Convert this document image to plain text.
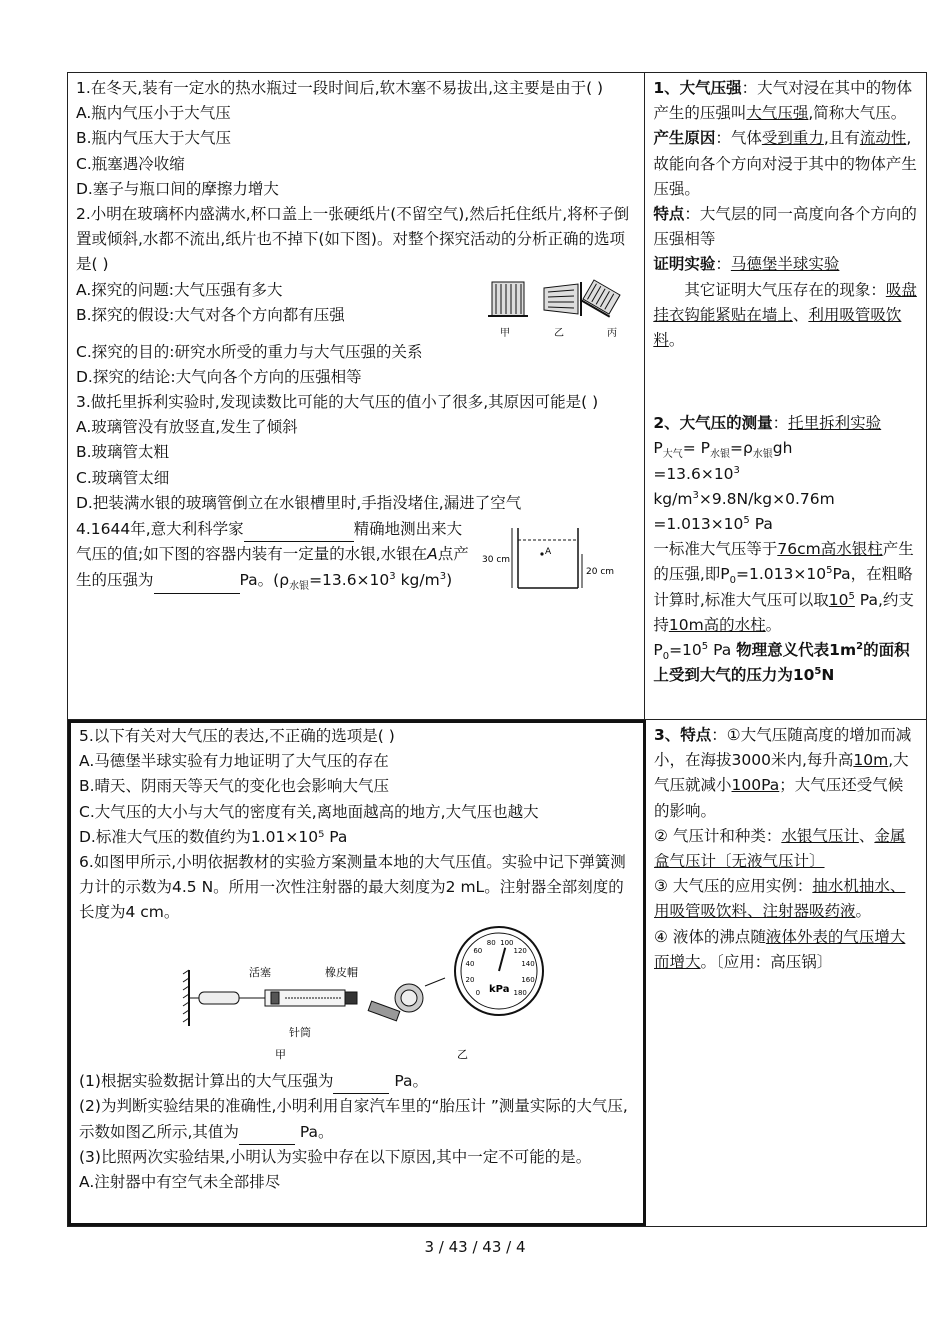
1.在冬天,装有一定水的热水瓶过一段时间后,软木塞不易拔出,这主要是由于( )

A.瓶内气压小于大气压

B.瓶内气压大于大气压

C.瓶塞遇冷收缩

D.塞子与瓶口间的摩擦力增大

2.小明在玻璃杯内盛满水,杯口盖上一张硬纸片(不留空气),然后托住纸片,将杯子倒置或倾斜,水都不流出,纸片也不掉下(如下图)。对整个探究活动的分析正确的选项是( )

A.探究的问题:大气压强有多大

B.探究的假设:大气对各个方向都有压强

甲	乙	丙

C.探究的目的:研究水所受的重力与大气压强的关系

D.探究的结论:大气向各个方向的压强相等

3.做托里拆利实验时,发现读数比可能的大气压的值小了很多,其原因可能是( )

A.玻璃管没有放竖直,发生了倾斜

B.玻璃管太粗

C.玻璃管太细

D.把装满水银的玻璃管倒立在水银槽里时,手指没堵住,漏进了空气

4.1644年,意大利科学家	精确地测出来大气压的值;如下图的容器内装有一定量的水银,水银在A点产生的压强为	Pa。($\rho_{水银}=13.6\times 10^3$ $kg/m^3$)

30 cm
20 cm
A

1、大气压强：大气对浸在其中的物体产生的压强叫大气压强,简称大气压。

产生原因：气体受到重力,且有流动性,故能向各个方向对浸于其中的物体产生压强。

特点：大气层的同一高度向各个方向的压强相等

证明实验：马德堡半球实验

其它证明大气压存在的现象：吸盘挂衣钩能紧贴在墙上、利用吸管吸饮料。

2、大气压的测量：托里拆利实验

$P_{大气}= P_{水银}=\rho_{水银}gh$

$=13.6\times 10^3$

$kg/m^3\times 9.8N/kg\times 0.76m$

$=1.013\times 10^5$ Pa

一标准大气压等于76cm高水银柱产生的压强,即$P_0=1.013\times 10^5Pa$，在粗略计算时,标准大气压可以取$10^5$ Pa,约支持10m高的水柱。

$P_0=10^5$ Pa 物理意义代表$1m^2$的面积上受到大气的压力为$10^5N$

5.以下有关对大气压的表达,不正确的选项是( )

A.马德堡半球实验有力地证明了大气压的存在

B.晴天、阴雨天等天气的变化也会影响大气压

C.大气压的大小与大气的密度有关,离地面越高的地方,大气压也越大

D.标准大气压的数值约为1.01×10⁵ Pa

6.如图甲所示,小明依据教材的实验方案测量本地的大气压值。实验中记下弹簧测力计的示数为4.5 N。所用一次性注射器的最大刻度为2 mL。注射器全部刻度的长度为4 cm。

活塞	橡皮帽
针筒
甲
0
20
40
60
80 100
120
140
160
180
kPa
乙

(1)根据实验数据计算出的大气压强为	Pa。

(2)为判断实验结果的准确性,小明利用自家汽车里的“胎压计 ”测量实际的大气压,示数如图乙所示,其值为	Pa。

(3)比照两次实验结果,小明认为实验中存在以下原因,其中一定不可能的是。

A.注射器中有空气未全部排尽

3、特点：①大气压随高度的增加而减小，在海拔3000米内,每升高10m,大气压就减小100Pa；大气压还受气候的影响。

② 气压计和种类：水银气压计、金属盒气压计〔无液气压计〕

③ 大气压的应用实例：抽水机抽水、用吸管吸饮料、注射器吸药液。

④ 液体的沸点随液体外表的气压增大而增大。〔应用：高压锅〕

3 / 43 / 43 / 4
